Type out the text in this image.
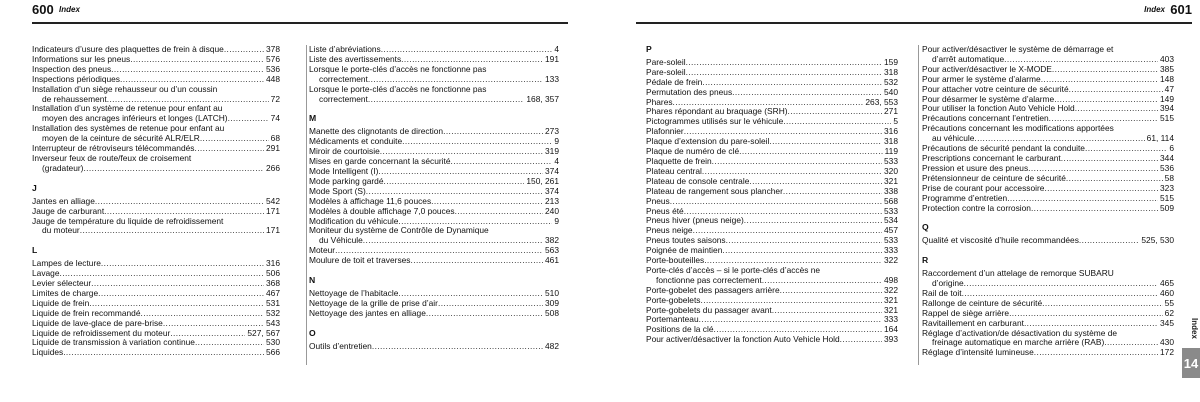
600 Index	Index 601
Indicateurs d’usure des plaquettes de frein à disque .....	378
Informations sur les pneus .....	576
Inspection des pneus .....	536
Inspections périodiques .....	448
Installation d’un siège rehausseur ou d’un coussin
de rehaussement .....	72
Installation d’un système de retenue pour enfant au
moyen des ancrages inférieurs et longes (LATCH) .....	74
Installation des systèmes de retenue pour enfant au
moyen de la ceinture de sécurité ALR/ELR .....	68
Interrupteur de rétroviseurs télécommandés .....	291
Inverseur feux de route/feux de croisement
(gradateur) .....	266
J
Jantes en alliage .....	542
Jauge de carburant .....	171
Jauge de température du liquide de refroidissement
du moteur .....	171
L
Lampes de lecture .....	316
Lavage .....	506
Levier sélecteur .....	368
Limites de charge .....	467
Liquide de frein .....	531
Liquide de frein recommandé .....	532
Liquide de lave-glace de pare-brise .....	543
Liquide de refroidissement du moteur .....	527, 567
Liquide de transmission à variation continue .....	530
Liquides .....	566
Liste d’abréviations .....	4
Liste des avertissements .....	191
Lorsque le porte-clés d’accès ne fonctionne pas
correctement .....	133
Lorsque le porte-clés d’accès ne fonctionne pas
correctement .....	168, 357
M
Manette des clignotants de direction .....	273
Médicaments et conduite .....	9
Miroir de courtoisie .....	319
Mises en garde concernant la sécurité .....	4
Mode Intelligent (I) .....	374
Mode parking gardé .....	150, 261
Mode Sport (S) .....	374
Modèles à affichage 11,6 pouces .....	213
Modèles à double affichage 7,0 pouces .....	240
Modification du véhicule .....	9
Moniteur du système de Contrôle de Dynamique
du Véhicule .....	382
Moteur .....	563
Moulure de toit et traverses .....	461
N
Nettoyage de l’habitacle .....	510
Nettoyage de la grille de prise d’air .....	309
Nettoyage des jantes en alliage .....	508
O
Outils d’entretien .....	482
P
Pare-soleil .....	159
Pare-soleil .....	318
Pédale de frein .....	532
Permutation des pneus .....	540
Phares .....	263, 553
Phares répondant au braquage (SRH) .....	271
Pictogrammes utilisés sur le véhicule .....	5
Plafonnier .....	316
Plaque d’extension du pare-soleil .....	318
Plaque de numéro de clé .....	119
Plaquette de frein .....	533
Plateau central .....	320
Plateau de console centrale .....	321
Plateau de rangement sous plancher .....	338
Pneus .....	568
Pneus été .....	533
Pneus hiver (pneus neige) .....	534
Pneus neige .....	457
Pneus toutes saisons .....	533
Poignée de maintien .....	333
Porte-bouteilles .....	322
Porte-clés d’accès – si le porte-clés d’accès ne
fonctionne pas correctement .....	498
Porte-gobelet des passagers arrière .....	322
Porte-gobelets .....	321
Porte-gobelets du passager avant .....	321
Portemanteau .....	333
Positions de la clé .....	164
Pour activer/désactiver la fonction Auto Vehicle Hold .....	393
Pour activer/désactiver le système de démarrage et
d’arrêt automatique .....	403
Pour activer/désactiver le X-MODE .....	385
Pour armer le système d’alarme .....	148
Pour attacher votre ceinture de sécurité .....	47
Pour désarmer le système d’alarme .....	149
Pour utiliser la fonction Auto Vehicle Hold .....	394
Précautions concernant l’entretien .....	515
Précautions concernant les modifications apportées
au véhicule .....	61, 114
Précautions de sécurité pendant la conduite .....	6
Prescriptions concernant le carburant .....	344
Pression et usure des pneus .....	536
Prétensionneur de ceinture de sécurité .....	58
Prise de courant pour accessoire .....	323
Programme d’entretien .....	515
Protection contre la corrosion .....	509
Q
Qualité et viscosité d’huile recommandées .....	525, 530
R
Raccordement d’un attelage de remorque SUBARU
d’origine .....	465
Rail de toit .....	460
Rallonge de ceinture de sécurité .....	55
Rappel de siège arrière .....	62
Ravitaillement en carburant .....	345
Réglage d’activation/de désactivation du système de
freinage automatique en marche arrière (RAB) .....	430
Réglage d’intensité lumineuse .....	172
Index
14
